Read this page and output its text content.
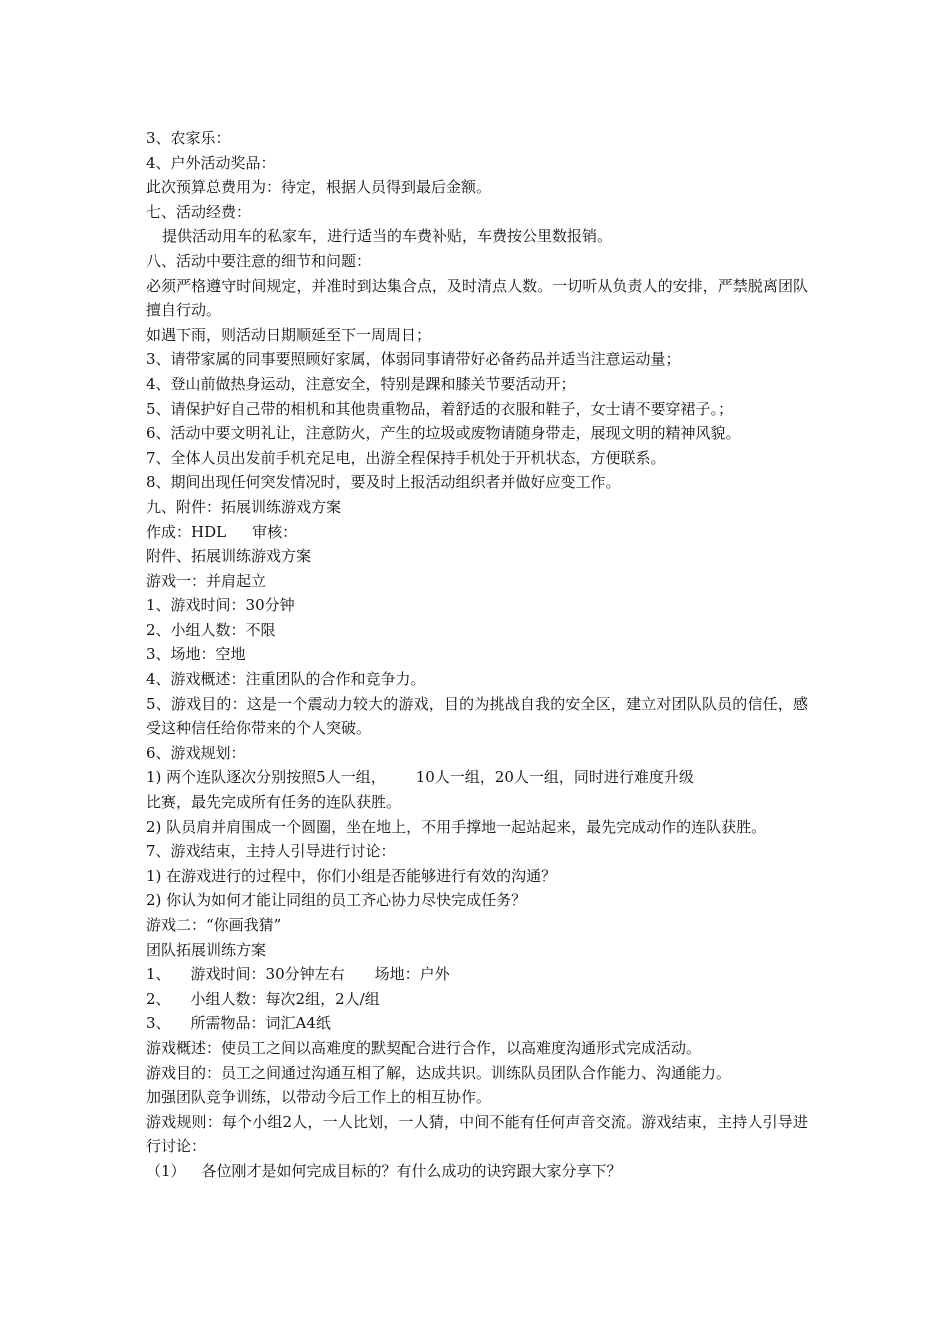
3、农家乐：
4、户外活动奖品：
此次预算总费用为：待定，根据人员得到最后金额。
七、活动经费：
提供活动用车的私家车，进行适当的车费补贴，车费按公里数报销。
八、活动中要注意的细节和问题：
必须严格遵守时间规定，并准时到达集合点，及时清点人数。一切听从负责人的安排，严禁脱离团队擅自行动。
如遇下雨，则活动日期顺延至下一周周日；
3、请带家属的同事要照顾好家属，体弱同事请带好必备药品并适当注意运动量；
4、登山前做热身运动，注意安全，特别是踝和膝关节要活动开；
5、请保护好自己带的相机和其他贵重物品，着舒适的衣服和鞋子，女士请不要穿裙子。；
6、活动中要文明礼让，注意防火，产生的垃圾或废物请随身带走，展现文明的精神风貌。
7、全体人员出发前手机充足电，出游全程保持手机处于开机状态，方便联系。
8、期间出现任何突发情况时，要及时上报活动组织者并做好应变工作。
九、附件：拓展训练游戏方案
作成：HDL 审核：
附件、拓展训练游戏方案
游戏一：并肩起立
1、游戏时间：30分钟
2、小组人数：不限
3、场地：空地
4、游戏概述：注重团队的合作和竞争力。
5、游戏目的：这是一个震动力较大的游戏，目的为挑战自我的安全区，建立对团队队员的信任，感受这种信任给你带来的个人突破。
6、游戏规划：
1) 两个连队逐次分别按照5人一组， 10人一组，20人一组，同时进行难度升级
比赛，最先完成所有任务的连队获胜。
2) 队员肩并肩围成一个圆圈，坐在地上，不用手撑地一起站起来，最先完成动作的连队获胜。
7、游戏结束，主持人引导进行讨论：
1) 在游戏进行的过程中，你们小组是否能够进行有效的沟通？
2) 你认为如何才能让同组的员工齐心协力尽快完成任务？
游戏二：“你画我猜”
团队拓展训练方案
1、 游戏时间：30分钟左右 场地：户外
2、 小组人数：每次2组，2人/组
3、 所需物品：词汇A4纸
游戏概述：使员工之间以高难度的默契配合进行合作，以高难度沟通形式完成活动。
游戏目的：员工之间通过沟通互相了解，达成共识。训练队员团队合作能力、沟通能力。
加强团队竞争训练，以带动今后工作上的相互协作。
游戏规则：每个小组2人，一人比划，一人猜，中间不能有任何声音交流。游戏结束，主持人引导进行讨论：
（1） 各位刚才是如何完成目标的？有什么成功的诀窍跟大家分享下？
